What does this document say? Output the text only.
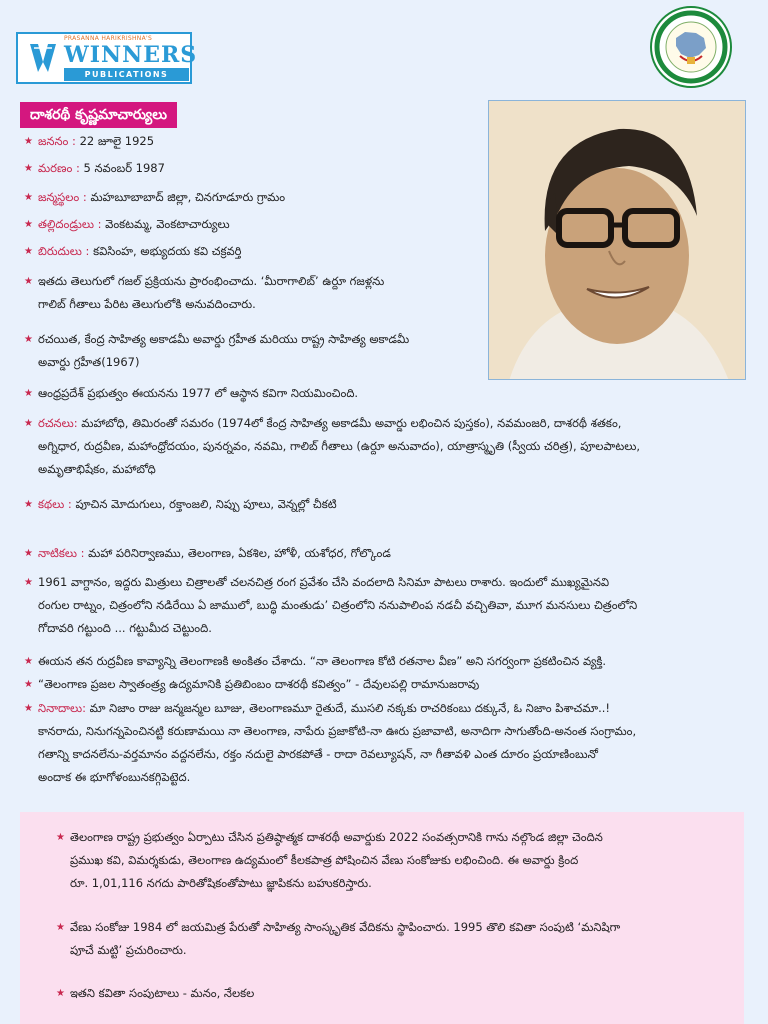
PRASANNA HARIKRISHNA'S
WINNERS
PUBLICATIONS
దాశరథీ కృష్ణమాచార్యులు
★ జననం : 22 జూలై 1925
★ మరణం : 5 నవంబర్ 1987
★ జన్మస్థలం : మహబూబాబాద్ జిల్లా, చినగూడూరు గ్రామం
★ తల్లిదండ్రులు : వెంకటమ్మ, వెంకటాచార్యులు
★ బిరుదులు : కవిసింహ, అభ్యుదయ కవి చక్రవర్తి
★ ఇతదు తెలుగులో గజల్ ప్రక్రియను ప్రారంభించాదు. ‘మీరాగాలిబ్’ ఉర్దూ గజళ్లను
గాలిబ్ గీతాలు పేరిట తెలుగులోకి అనువదించారు.
★ రచయిత, కేంద్ర సాహిత్య అకాడమీ అవార్డు గ్రహీత మరియు రాష్ట్ర సాహిత్య అకాడమీ
అవార్డు గ్రహీత(1967)
★ ఆంధ్రప్రదేశ్ ప్రభుత్వం ఈయనను 1977 లో ఆస్థాన కవిగా నియమించింది.
★ రచనలు: మహాబోధి, తిమిరంతో సమరం (1974లో కేంద్ర సాహిత్య అకాడమీ అవార్డు లభించిన పుస్తకం), నవమంజరి, దాశరథీ శతకం,
అగ్నిధార, రుద్రవీణ, మహాంధ్రోదయం, పునర్నవం, నవమి, గాలిబ్ గీతాలు (ఉర్దూ అనువాదం), యాత్రాస్మృతి (స్వీయ చరిత్ర), పూలపాటలు,
అమృతాభిషేకం, మహాబోధి
★ కథలు : పూచిన మోదుగులు, రక్తాంజలి, నిప్పు పూలు, వెన్నల్లో చీకటి
★ నాటికలు : మహా పరినిర్వాణము, తెలంగాణ, ఏకశిల, హోళీ, యశోధర, గోల్కొండ
★ 1961 వాగ్దానం, ఇద్దరు మిత్రులు చిత్రాలతో చలనచిత్ర రంగ ప్రవేశం చేసి వందలాది సినిమా పాటలు రాశారు. ఇందులో ముఖ్యమైనవి
రంగుల రాట్నం, చిత్రంలోని నడిరేయి ఏ జాములో, బుద్ధి మంతుడు’ చిత్రంలోని ననుపాలింప నడచీ వచ్చితివా, మూగ మనసులు చిత్రంలోని
గోదావరి గట్టుంది ... గట్టుమీద చెట్టుంది.
★ ఈయన తన రుద్రవీణ కావ్యాన్ని తెలంగాణకి అంకితం చేశాదు. “నా తెలంగాణ కోటి రతనాల వీణ” అని సగర్వంగా ప్రకటించిన వ్యక్తి.
★ “తెలంగాణ ప్రజల స్వాతంత్ర్య ఉద్యమానికి ప్రతిబింబం దాశరథీ కవిత్వం” - దేవులపల్లి రామానుజరావు
★ నినాదాలు: మా నిజాం రాజు జన్మజన్మల బూజు, తెలంగాణమూ రైతుదే, ముసలి నక్కకు రాచరికంబు దక్కునే, ఓ నిజాం పిశాచమా..!
కానరాదు, నినుగన్నపెంచినట్టి కరుణామయి నా తెలంగాణ, నాపేరు ప్రజాకోటి-నా ఊరు ప్రజావాటి, అనాదిగా సాగుతోంది-అనంత సంగ్రామం,
గతాన్ని కాదనలేను-వర్తమానం వద్దనలేను, రక్తం నదులై పారకపోతే - రాదా రెవల్యూషన్, నా గీతావళి ఎంత దూరం ప్రయాణింబునో
అందాక ఈ భూగోళంబునకగ్గిపెట్టెద.
★ తెలంగాణ రాష్ట్ర ప్రభుత్వం ఏర్పాటు చేసిన ప్రతిష్ఠాత్మక దాశరథీ అవార్డుకు 2022 సంవత్సరానికి గాను నల్గొండ జిల్లా చెందిన
ప్రముఖ కవి, విమర్శకుడు, తెలంగాణ ఉద్యమంలో కీలకపాత్ర పోషించిన వేణు సంకోజుకు లభించింది. ఈ అవార్డు క్రింద
రూ. 1,01,116 నగదు పారితోషికంతోపాటు జ్ఞాపికను బహుకరిస్తారు.
★ వేణు సంకోజు 1984 లో జయమిత్ర పేరుతో సాహిత్య సాంస్కృతిక వేదికను స్థాపించారు. 1995 తొలి కవితా సంపుటి ‘మనిషిగా
పూచే మట్టి’ ప్రచురించారు.
★ ఇతని కవితా సంపుటాలు - మనం, నేలకల
